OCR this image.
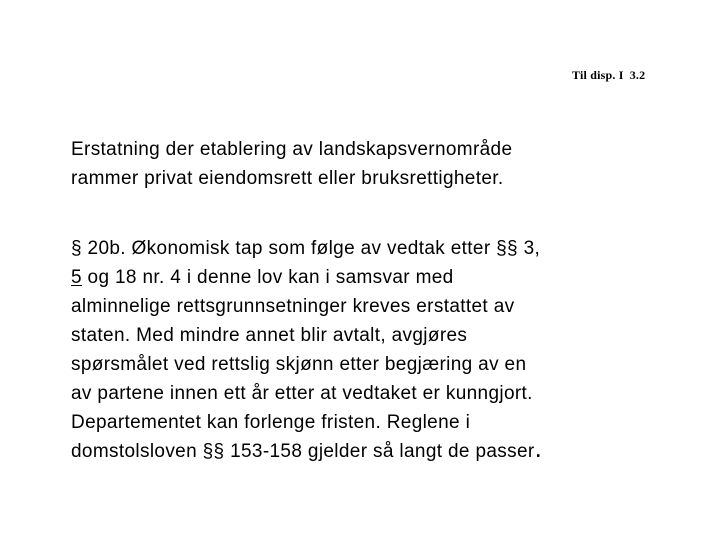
Til disp. I 3.2
Erstatning der etablering av landskapsvernområde
rammer privat eiendomsrett eller bruksrettigheter.
§ 20b. Økonomisk tap som følge av vedtak etter §§ 3,
5 og 18 nr. 4 i denne lov kan i samsvar med
alminnelige rettsgrunnsetninger kreves erstattet av
staten. Med mindre annet blir avtalt, avgjøres
spørsmålet ved rettslig skjønn etter begjæring av en
av partene innen ett år etter at vedtaket er kunngjort.
Departementet kan forlenge fristen. Reglene i
domstolsloven §§ 153-158 gjelder så langt de passer.
